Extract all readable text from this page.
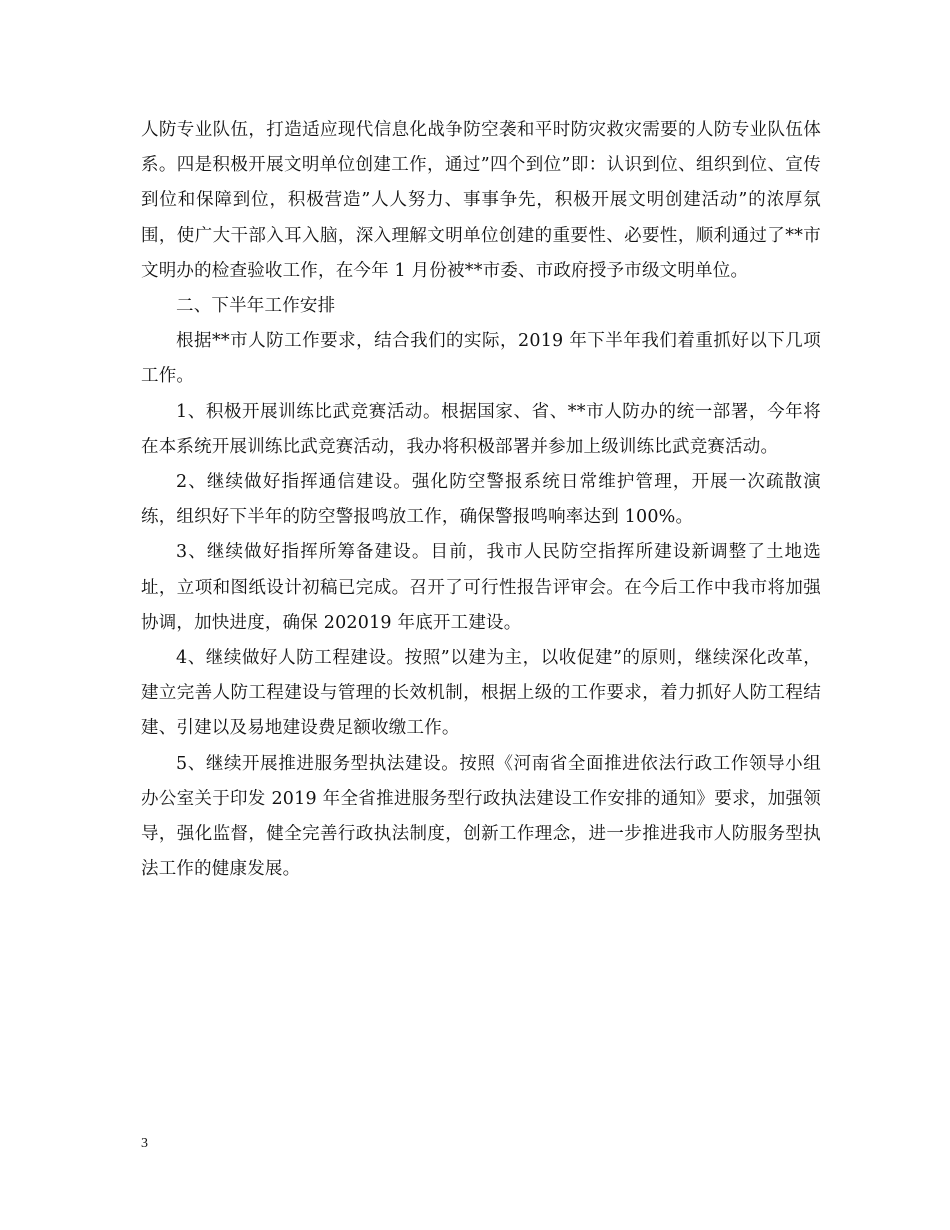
人防专业队伍，打造适应现代信息化战争防空袭和平时防灾救灾需要的人防专业队伍体系。四是积极开展文明单位创建工作，通过”四个到位”即：认识到位、组织到位、宣传到位和保障到位，积极营造”人人努力、事事争先，积极开展文明创建活动”的浓厚氛围，使广大干部入耳入脑，深入理解文明单位创建的重要性、必要性，顺利通过了**市文明办的检查验收工作，在今年 1 月份被**市委、市政府授予市级文明单位。

二、下半年工作安排

根据**市人防工作要求，结合我们的实际，2019 年下半年我们着重抓好以下几项工作。

1、积极开展训练比武竞赛活动。根据国家、省、**市人防办的统一部署，今年将在本系统开展训练比武竞赛活动，我办将积极部署并参加上级训练比武竞赛活动。

2、继续做好指挥通信建设。强化防空警报系统日常维护管理，开展一次疏散演练，组织好下半年的防空警报鸣放工作，确保警报鸣响率达到 100%。

3、继续做好指挥所筹备建设。目前，我市人民防空指挥所建设新调整了土地选址，立项和图纸设计初稿已完成。召开了可行性报告评审会。在今后工作中我市将加强协调，加快进度，确保 202019 年底开工建设。

4、继续做好人防工程建设。按照”以建为主，以收促建”的原则，继续深化改革，建立完善人防工程建设与管理的长效机制，根据上级的工作要求，着力抓好人防工程结建、引建以及易地建设费足额收缴工作。

5、继续开展推进服务型执法建设。按照《河南省全面推进依法行政工作领导小组办公室关于印发 2019 年全省推进服务型行政执法建设工作安排的通知》要求，加强领导，强化监督，健全完善行政执法制度，创新工作理念，进一步推进我市人防服务型执法工作的健康发展。

3
